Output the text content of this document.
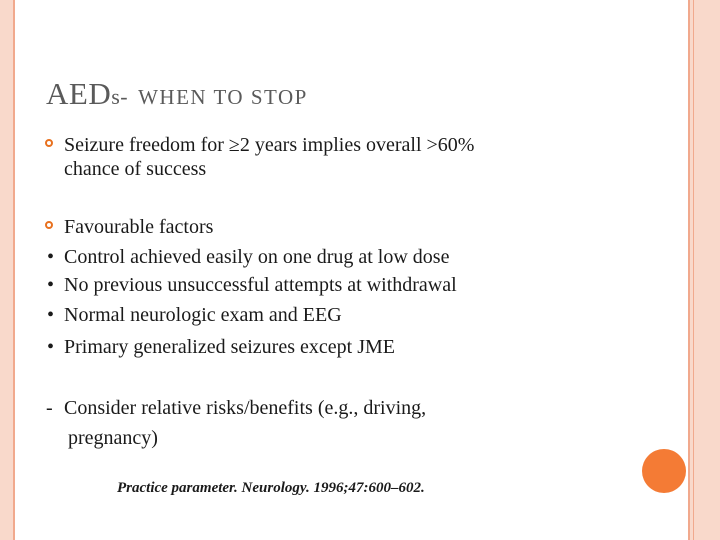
AEDs- WHEN TO STOP
Seizure freedom for ≥2 years implies overall >60%
chance of success
Favourable factors
• Control achieved easily on one drug at low dose
• No previous unsuccessful attempts at withdrawal
• Normal neurologic exam and EEG
• Primary generalized seizures except JME
- Consider relative risks/benefits (e.g., driving,
pregnancy)
Practice parameter. Neurology. 1996;47:600–602.
